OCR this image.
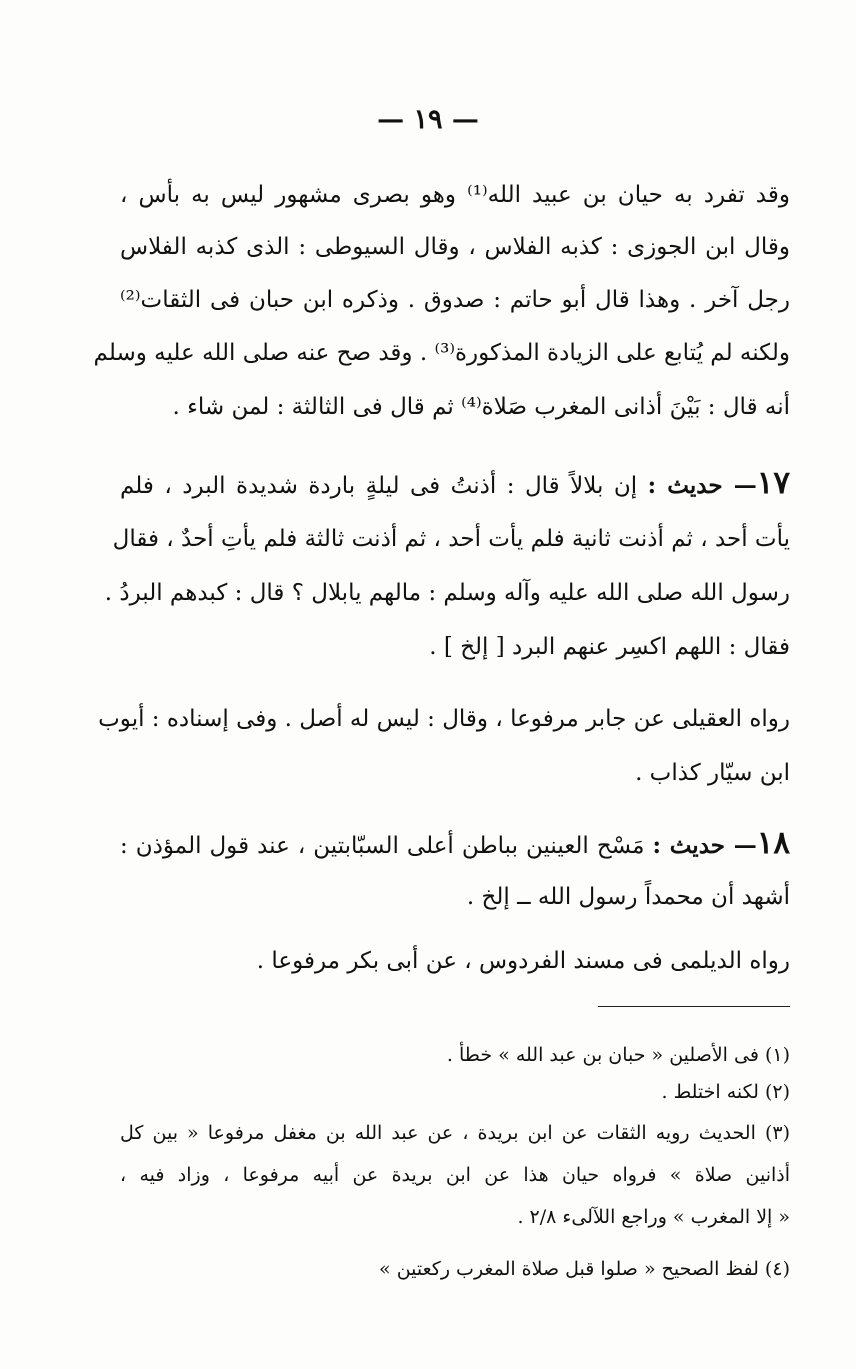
— ١٩ —
وقد تفرد به حيان بن عبيد الله⁽¹⁾ وهو بصرى مشهور ليس به بأس ،
وقال ابن الجوزى : كذبه الفلاس ، وقال السيوطى : الذى كذبه الفلاس
رجل آخر . وهذا قال أبو حاتم : صدوق . وذكره ابن حبان فى الثقات⁽²⁾
ولكنه لم يُتابع على الزيادة المذكورة⁽³⁾ . وقد صح عنه صلى الله عليه وسلم
أنه قال : بَيْنَ أذانى المغرب صَلاة⁽⁴⁾ ثم قال فى الثالثة : لمن شاء .
١٧— حديث : إن بلالاً قال : أذنتُ فى ليلةٍ باردة شديدة البرد ، فلم
يأت أحد ، ثم أذنت ثانية فلم يأت أحد ، ثم أذنت ثالثة فلم يأتِ أحدٌ ، فقال
رسول الله صلى الله عليه وآله وسلم : مالهم يابلال ؟ قال : كبدهم البردُ .
فقال : اللهم اكسِر عنهم البرد [ إلخ ] .
رواه العقيلى عن جابر مرفوعا ، وقال : ليس له أصل . وفى إسناده : أيوب
ابن سيّار كذاب .
١٨— حديث : مَسْح العينين بباطن أعلى السبّابتين ، عند قول المؤذن :
أشهد أن محمداً رسول الله ــ إلخ .
رواه الديلمى فى مسند الفردوس ، عن أبى بكر مرفوعا .
(١) فى الأصلين « حبان بن عبد الله » خطأ .
(٢) لكنه اختلط .
(٣) الحديث رويه الثقات عن ابن بريدة ، عن عبد الله بن مغفل مرفوعا « بين كل
أذانين صلاة » فرواه حيان هذا عن ابن بريدة عن أبيه مرفوعا ، وزاد فيه ،
« إلا المغرب » وراجع اللآلىء ٢/٨ .
(٤) لفظ الصحيح « صلوا قبل صلاة المغرب ركعتين »
